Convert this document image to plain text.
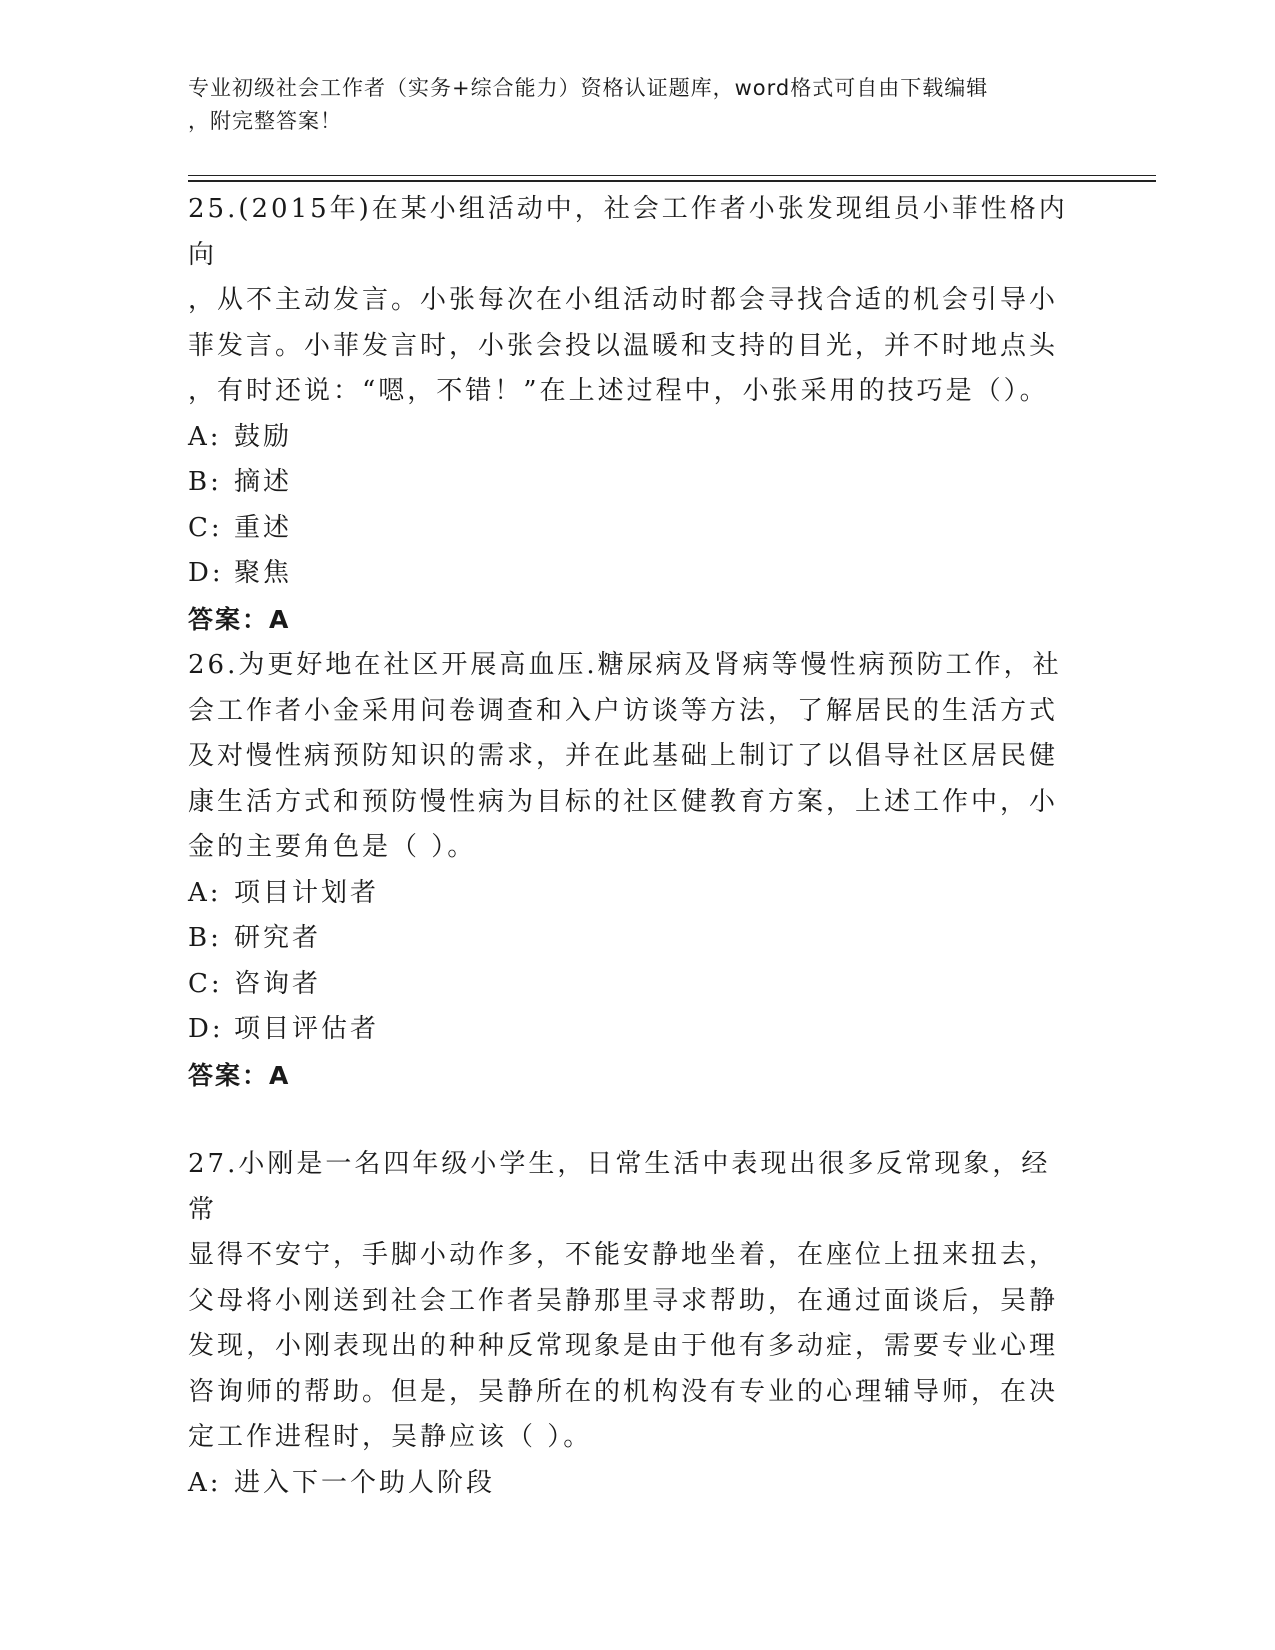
专业初级社会工作者（实务+综合能力）资格认证题库，word格式可自由下载编辑
，附完整答案！
25.(2015年)在某小组活动中，社会工作者小张发现组员小菲性格内向
，从不主动发言。小张每次在小组活动时都会寻找合适的机会引导小
菲发言。小菲发言时，小张会投以温暖和支持的目光，并不时地点头
，有时还说：“嗯，不错！”在上述过程中，小张采用的技巧是（）。
A: 鼓励
B: 摘述
C: 重述
D: 聚焦
答案：A
26.为更好地在社区开展高血压.糖尿病及肾病等慢性病预防工作，社
会工作者小金采用问卷调查和入户访谈等方法，了解居民的生活方式
及对慢性病预防知识的需求，并在此基础上制订了以倡导社区居民健
康生活方式和预防慢性病为目标的社区健教育方案，上述工作中，小
金的主要角色是（ ）。
A: 项目计划者
B: 研究者
C: 咨询者
D: 项目评估者
答案：A
27.小刚是一名四年级小学生，日常生活中表现出很多反常现象，经常
显得不安宁，手脚小动作多，不能安静地坐着，在座位上扭来扭去，
父母将小刚送到社会工作者吴静那里寻求帮助，在通过面谈后，吴静
发现，小刚表现出的种种反常现象是由于他有多动症，需要专业心理
咨询师的帮助。但是，吴静所在的机构没有专业的心理辅导师，在决
定工作进程时，吴静应该（ ）。
A: 进入下一个助人阶段
